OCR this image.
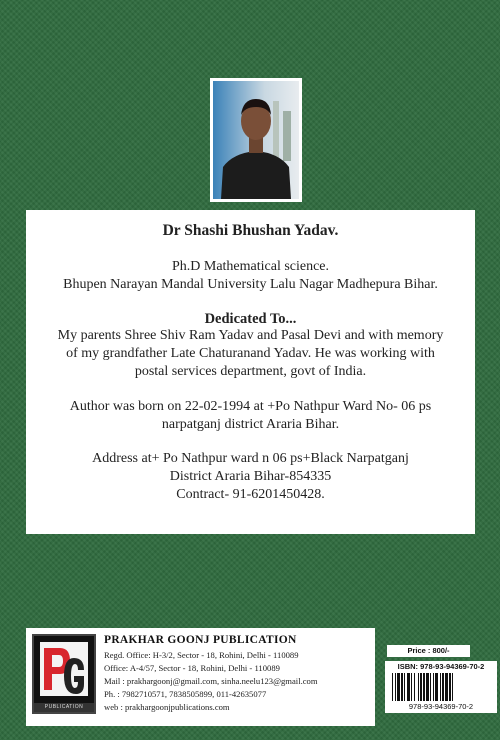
Dr Shashi Bhushan Yadav.
Ph.D Mathematical science.
Bhupen Narayan Mandal University Lalu Nagar Madhepura Bihar.
Dedicated To...
My parents Shree Shiv Ram Yadav and Pasal Devi and with memory
of my grandfather Late Chaturanand Yadav. He was working with
postal services department, govt of India.
Author was born on 22-02-1994 at +Po Nathpur Ward No- 06 ps
narpatganj district Araria Bihar.
Address at+ Po Nathpur ward n 06 ps+Black Narpatganj
District Araria Bihar-854335
Contract- 91-6201450428.
PUBLICATION
PRAKHAR GOONJ PUBLICATION
Regd. Office: H-3/2, Sector - 18, Rohini, Delhi - 110089
Office: A-4/57, Sector - 18, Rohini, Delhi - 110089
Mail : prakhargoonj@gmail.com, sinha.neelu123@gmail.com
Ph. : 7982710571, 7838505899, 011-42635077
web : prakhargoonjpublications.com
Price : 800/-
ISBN: 978-93-94369-70-2
978-93-94369-70-2
